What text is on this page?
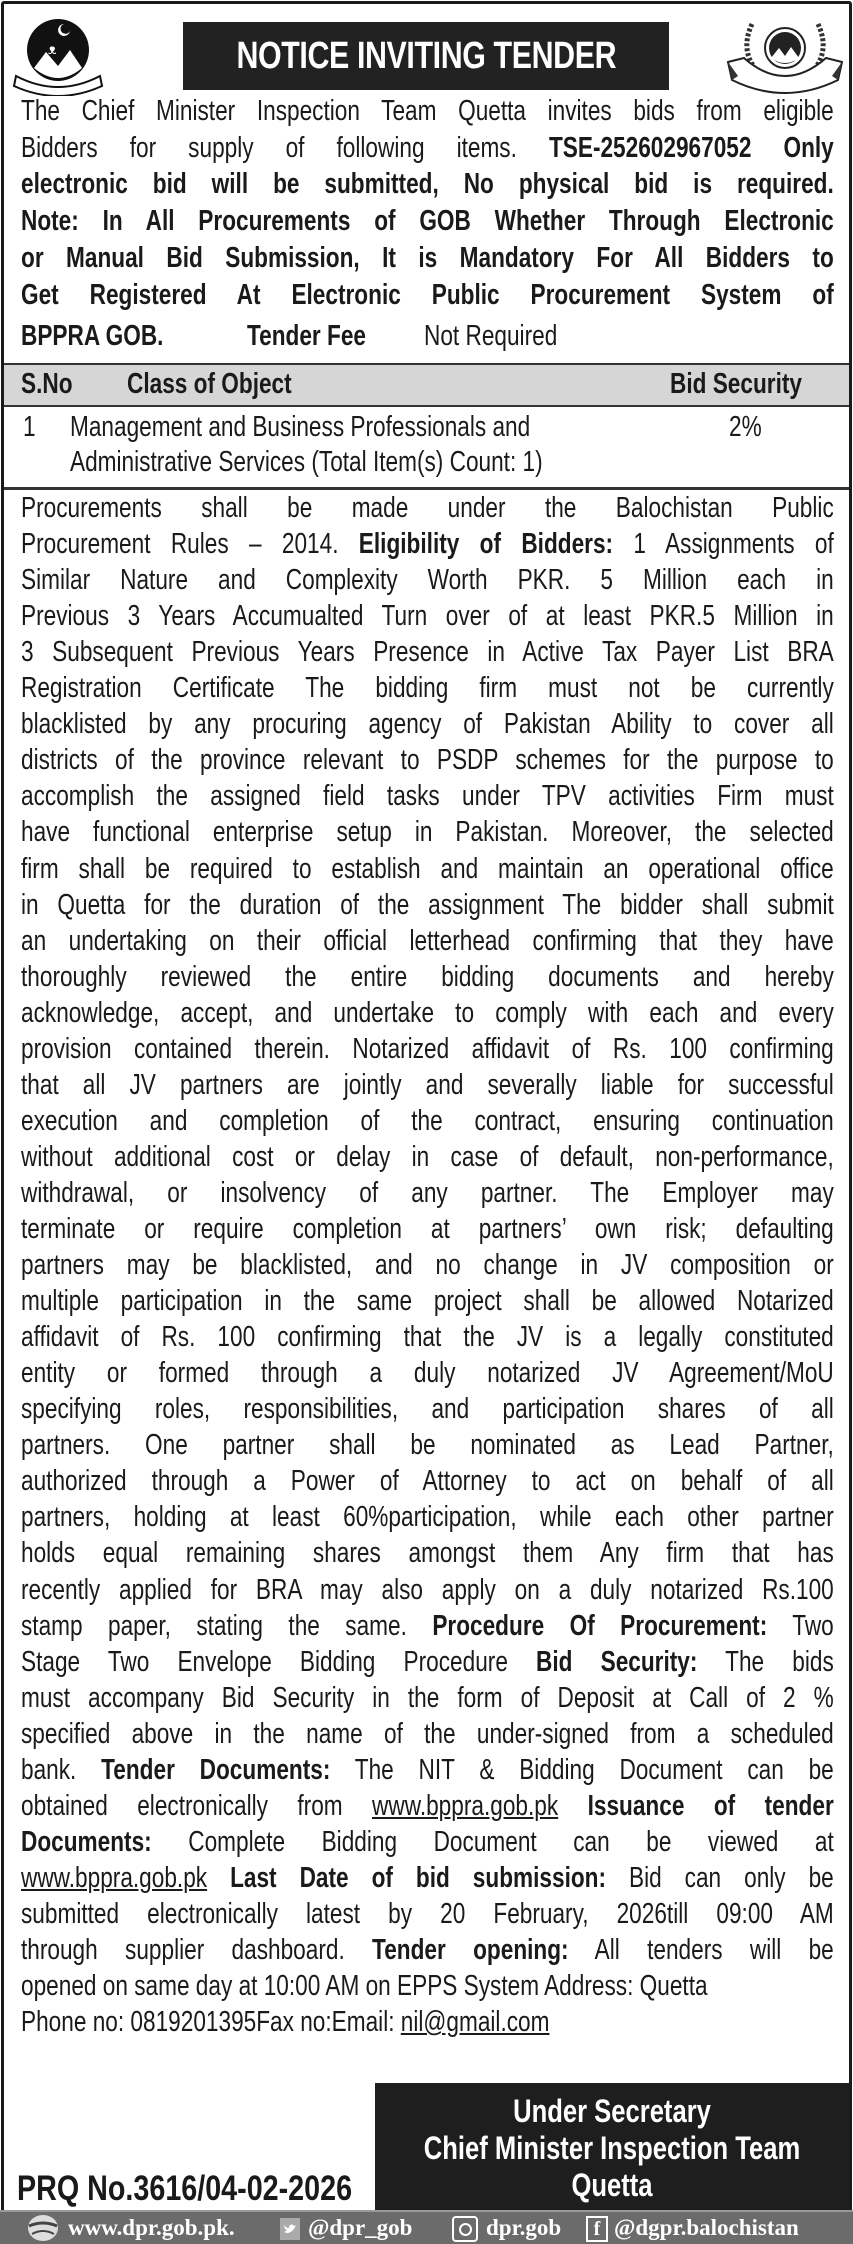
ᴥ	NOTICE INVITING TENDER
The Chief Minister Inspection Team Quetta invites bids from eligible
Bidders for supply of following items. TSE-252602967052 Only
electronic bid will be submitted, No physical bid is required.
Note: In All Procurements of GOB Whether Through Electronic
or Manual Bid Submission, It is Mandatory For All Bidders to
Get Registered At Electronic Public Procurement System of
BPPRA GOB.	Tender Fee	Not Required
S.No	Class of Object	Bid Security
1 Management and Business Professionals and
Administrative Services (Total Item(s) Count: 1)
2%
Procurements shall be made under the Balochistan Public
Procurement Rules – 2014. Eligibility of Bidders: 1 Assignments of
Similar Nature and Complexity Worth PKR. 5 Million each in
Previous 3 Years Accumualted Turn over of at least PKR.5 Million in
3 Subsequent Previous Years Presence in Active Tax Payer List BRA
Registration Certificate The bidding firm must not be currently
blacklisted by any procuring agency of Pakistan Ability to cover all
districts of the province relevant to PSDP schemes for the purpose to
accomplish the assigned field tasks under TPV activities Firm must
have functional enterprise setup in Pakistan. Moreover, the selected
firm shall be required to establish and maintain an operational office
in Quetta for the duration of the assignment The bidder shall submit
an undertaking on their official letterhead confirming that they have
thoroughly reviewed the entire bidding documents and hereby
acknowledge, accept, and undertake to comply with each and every
provision contained therein. Notarized affidavit of Rs. 100 confirming
that all JV partners are jointly and severally liable for successful
execution and completion of the contract, ensuring continuation
without additional cost or delay in case of default, non-performance,
withdrawal, or insolvency of any partner. The Employer may
terminate or require completion at partners’ own risk; defaulting
partners may be blacklisted, and no change in JV composition or
multiple participation in the same project shall be allowed Notarized
affidavit of Rs. 100 confirming that the JV is a legally constituted
entity or formed through a duly notarized JV Agreement/MoU
specifying roles, responsibilities, and participation shares of all
partners. One partner shall be nominated as Lead Partner,
authorized through a Power of Attorney to act on behalf of all
partners, holding at least 60%participation, while each other partner
holds equal remaining shares amongst them Any firm that has
recently applied for BRA may also apply on a duly notarized Rs.100
stamp paper, stating the same. Procedure Of Procurement: Two
Stage Two Envelope Bidding Procedure Bid Security: The bids
must accompany Bid Security in the form of Deposit at Call of 2 %
specified above in the name of the under-signed from a scheduled
bank. Tender Documents: The NIT & Bidding Document can be
obtained electronically from www.bppra.gob.pk Issuance of tender
Documents: Complete Bidding Document can be viewed at
www.bppra.gob.pk Last Date of bid submission: Bid can only be
submitted electronically latest by 20 February, 2026till 09:00 AM
through supplier dashboard. Tender opening: All tenders will be
opened on same day at 10:00 AM on EPPS System Address: Quetta
Phone no: 0819201395Fax no:Email: nil@gmail.com
PRQ No.3616/04-02-2026
Under Secretary
Chief Minister Inspection Team
Quetta
www.dpr.gob.pk.	@dpr_gob	dpr.gob	f @dgpr.balochistan
